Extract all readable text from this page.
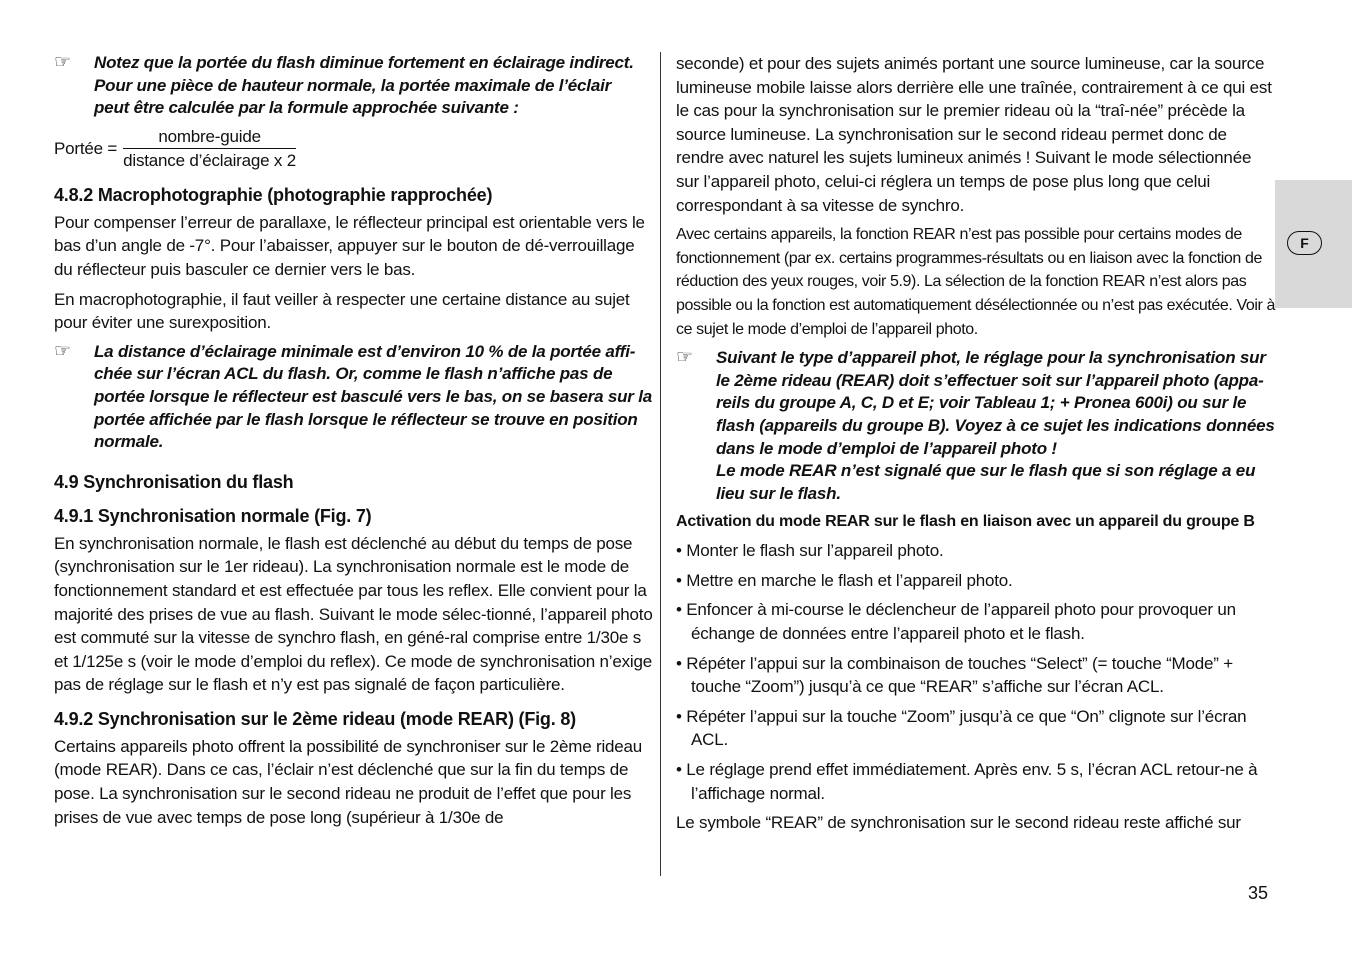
F
☞	Notez que la portée du flash diminue fortement en éclairage indirect.
Pour une pièce de hauteur normale, la portée maximale de l’éclair
peut être calculée par la formule approchée suivante :
Portée = $\frac{\text{nombre-guide}}{\text{distance d’éclairage x 2}}$
4.8.2 Macrophotographie (photographie rapprochée)

Pour compenser l’erreur de parallaxe, le réflecteur principal est orientable vers le bas d’un angle de -7°. Pour l’abaisser, appuyer sur le bouton de dé-verrouillage du réflecteur puis basculer ce dernier vers le bas.

En macrophotographie, il faut veiller à respecter une certaine distance au sujet pour éviter une surexposition.

☞	La distance d’éclairage minimale est d’environ 10 % de la portée affi-
chée sur l’écran ACL du flash. Or, comme le flash n’affiche pas de
portée lorsque le réflecteur est basculé vers le bas, on se basera sur la
portée affichée par le flash lorsque le réflecteur se trouve en position
normale.
4.9 Synchronisation du flash
4.9.1 Synchronisation normale (Fig. 7)

En synchronisation normale, le flash est déclenché au début du temps de pose (synchronisation sur le 1er rideau). La synchronisation normale est le mode de fonctionnement standard et est effectuée par tous les reflex. Elle convient pour la majorité des prises de vue au flash. Suivant le mode sélec-tionné, l’appareil photo est commuté sur la vitesse de synchro flash, en géné-ral comprise entre 1/30e s et 1/125e s (voir le mode d’emploi du reflex). Ce mode de synchronisation n’exige pas de réglage sur le flash et n’y est pas signalé de façon particulière.

4.9.2 Synchronisation sur le 2ème rideau (mode REAR) (Fig. 8)

Certains appareils photo offrent la possibilité de synchroniser sur le 2ème rideau (mode REAR). Dans ce cas, l’éclair n’est déclenché que sur la fin du temps de pose. La synchronisation sur le second rideau ne produit de l’effet que pour les prises de vue avec temps de pose long (supérieur à 1/30e de

seconde) et pour des sujets animés portant une source lumineuse, car la source lumineuse mobile laisse alors derrière elle une traînée, contrairement à ce qui est le cas pour la synchronisation sur le premier rideau où la “traî-née” précède la source lumineuse. La synchronisation sur le second rideau permet donc de rendre avec naturel les sujets lumineux animés ! Suivant le mode sélectionnée sur l’appareil photo, celui-ci réglera un temps de pose plus long que celui correspondant à sa vitesse de synchro.

Avec certains appareils, la fonction REAR n’est pas possible pour certains modes de fonctionnement (par ex. certains programmes-résultats ou en liaison avec la fonction de réduction des yeux rouges, voir 5.9). La sélection de la fonction REAR n’est alors pas possible ou la fonction est automatiquement désélectionnée ou n’est pas exécutée. Voir à ce sujet le mode d’emploi de l’appareil photo.

☞	Suivant le type d’appareil phot, le réglage pour la synchronisation sur
le 2ème rideau (REAR) doit s’effectuer soit sur l’appareil photo (appa-
reils du groupe A, C, D et E; voir Tableau 1; + Pronea 600i) ou sur le
flash (appareils du groupe B). Voyez à ce sujet les indications données
dans le mode d’emploi de l’appareil photo !
Le mode REAR n’est signalé que sur le flash que si son réglage a eu
lieu sur le flash.
Activation du mode REAR sur le flash en liaison avec un appareil du groupe B
• Monter le flash sur l’appareil photo.
• Mettre en marche le flash et l’appareil photo.
• Enfoncer à mi-course le déclencheur de l’appareil photo pour provoquer un échange de données entre l’appareil photo et le flash.
• Répéter l’appui sur la combinaison de touches “Select” (= touche “Mode” + touche “Zoom”) jusqu’à ce que “REAR” s’affiche sur l’écran ACL.
• Répéter l’appui sur la touche “Zoom” jusqu’à ce que “On” clignote sur l’écran ACL.
• Le réglage prend effet immédiatement. Après env. 5 s, l’écran ACL retour-ne à l’affichage normal.

Le symbole “REAR” de synchronisation sur le second rideau reste affiché sur

35
